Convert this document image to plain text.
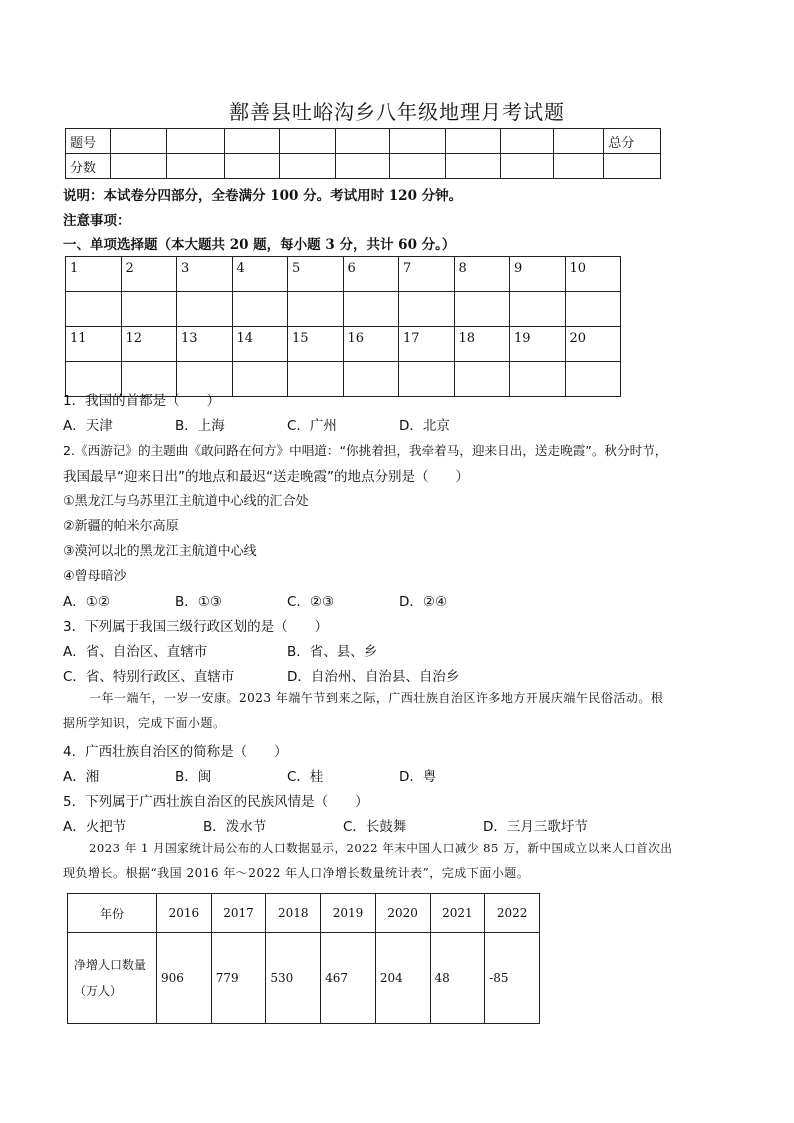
鄯善县吐峪沟乡八年级地理月考试题
题号										总分
分数										
说明：本试卷分四部分，全卷满分 100 分。考试用时 120 分钟。
注意事项：
一、单项选择题（本大题共 20 题，每小题 3 分，共计 60 分。）
1	2	3	4	5	6	7	8	9	10

11	12	13	14	15	16	17	18	19	20

1．我国的首都是（　　）
A．天津	B．上海	C．广州	D．北京
2.《西游记》的主题曲《敢问路在何方》中唱道：“你挑着担，我牵着马，迎来日出，送走晚霞”。秋分时节，
我国最早“迎来日出”的地点和最迟“送走晚霞”的地点分别是（　　）
①黑龙江与乌苏里江主航道中心线的汇合处
②新疆的帕米尔高原
③漠河以北的黑龙江主航道中心线
④曾母暗沙
A．①②	B．①③	C．②③	D．②④
3．下列属于我国三级行政区划的是（　　）
A．省、自治区、直辖市	B．省、县、乡
C．省、特别行政区、直辖市	D．自治州、自治县、自治乡
一年一端午，一岁一安康。2023 年端午节到来之际，广西壮族自治区许多地方开展庆端午民俗活动。根
据所学知识，完成下面小题。
4．广西壮族自治区的简称是（　　）
A．湘	B．闽	C．桂	D．粤
5．下列属于广西壮族自治区的民族风情是（　　）
A．火把节	B．泼水节	C．长鼓舞	D．三月三歌圩节
2023 年 1 月国家统计局公布的人口数据显示，2022 年末中国人口减少 85 万，新中国成立以来人口首次出
现负增长。根据“我国 2016 年～2022 年人口净增长数量统计表”，完成下面小题。
年份	2016	2017	2018	2019	2020	2021	2022

净增人口数量
（万人）	906	779	530	467	204	48	-85
